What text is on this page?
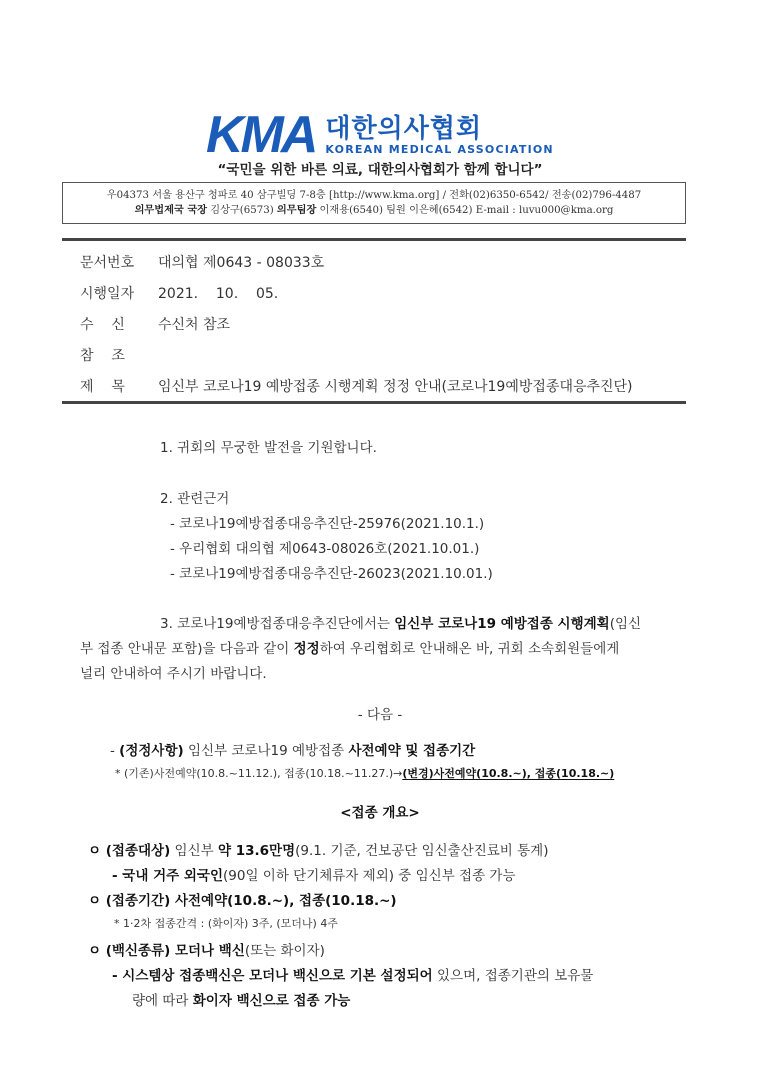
KMA 대한의사협회
KOREAN MEDICAL ASSOCIATION
“국민을 위한 바른 의료, 대한의사협회가 함께 합니다”
우04373 서울 용산구 청파로 40 삼구빌딩 7-8층 [http://www.kma.org] / 전화(02)6350-6542/ 전송(02)796-4487
의무법제국 국장 김상구(6573) 의무팀장 이재용(6540) 팀원 이은혜(6542) E-mail : luvu000@kma.org
문서번호 대의협 제0643 - 08033호
시행일자 2021.    10.    05.
수    신 수신처 참조
참    조
제    목 임신부 코로나19 예방접종 시행계획 정정 안내(코로나19예방접종대응추진단)
1. 귀회의 무궁한 발전을 기원합니다.
2. 관련근거
- 코로나19예방접종대응추진단-25976(2021.10.1.)
- 우리협회 대의협 제0643-08026호(2021.10.01.)
- 코로나19예방접종대응추진단-26023(2021.10.01.)
3. 코로나19예방접종대응추진단에서는 임신부 코로나19 예방접종 시행계획(임신
부 접종 안내문 포함)을 다음과 같이 정정하여 우리협회로 안내해온 바, 귀회 소속회원들에게
널리 안내하여 주시기 바랍니다.
- 다음 -
- (정정사항) 임신부 코로나19 예방접종 사전예약 및 접종기간
* (기존)사전예약(10.8.~11.12.), 접종(10.18.~11.27.)→(변경)사전예약(10.8.~), 접종(10.18.~)
<접종 개요>
ㅇ (접종대상) 임신부 약 13.6만명(9.1. 기준, 건보공단 임신출산진료비 통계)
- 국내 거주 외국인(90일 이하 단기체류자 제외) 중 임신부 접종 가능
ㅇ (접종기간) 사전예약(10.8.~), 접종(10.18.~)
* 1·2차 접종간격 : (화이자) 3주, (모더나) 4주
ㅇ (백신종류) 모더나 백신(또는 화이자)
- 시스템상 접종백신은 모더나 백신으로 기본 설정되어 있으며, 접종기관의 보유물
량에 따라 화이자 백신으로 접종 가능
